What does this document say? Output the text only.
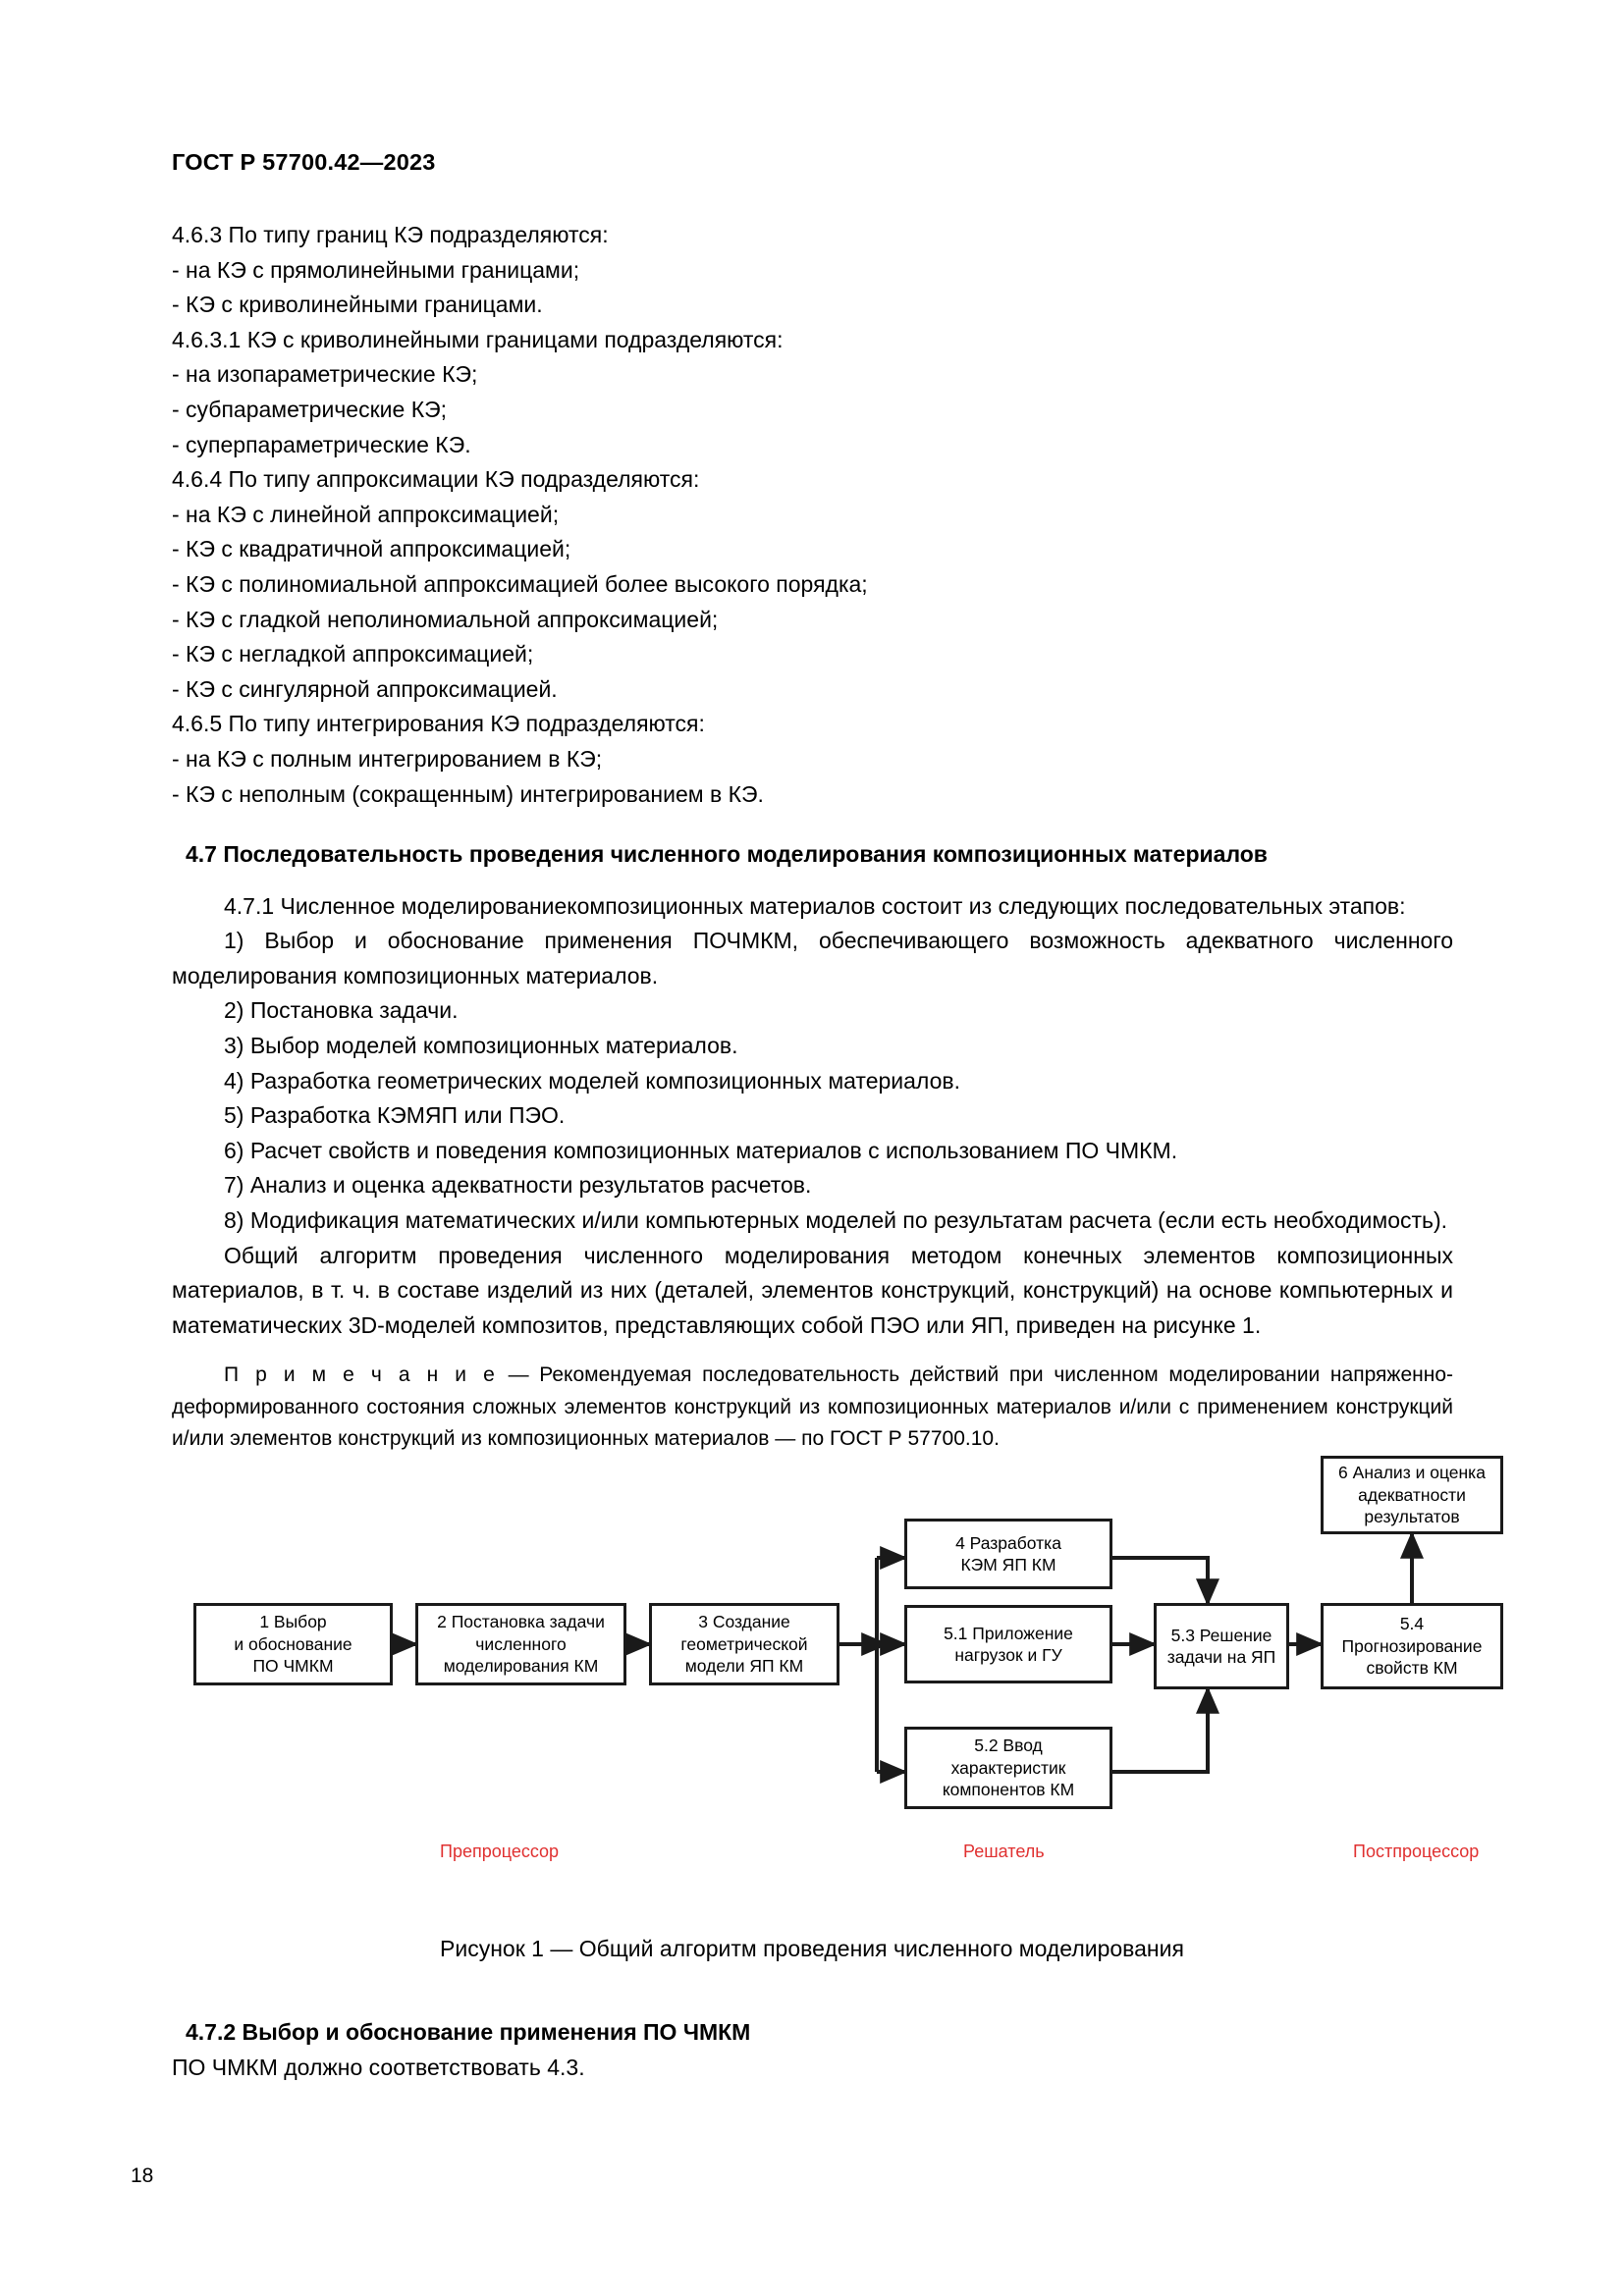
ГОСТ Р 57700.42—2023
4.6.3 По типу границ КЭ подразделяются:
- на КЭ с прямолинейными границами;
- КЭ с криволинейными границами.
4.6.3.1 КЭ с криволинейными границами подразделяются:
- на изопараметрические КЭ;
- субпараметрические КЭ;
- суперпараметрические КЭ.
4.6.4 По типу аппроксимации КЭ подразделяются:
- на КЭ с линейной аппроксимацией;
- КЭ с квадратичной аппроксимацией;
- КЭ с полиномиальной аппроксимацией более высокого порядка;
- КЭ с гладкой неполиномиальной аппроксимацией;
- КЭ с негладкой аппроксимацией;
- КЭ с сингулярной аппроксимацией.
4.6.5 По типу интегрирования КЭ подразделяются:
- на КЭ с полным интегрированием в КЭ;
- КЭ с неполным (сокращенным) интегрированием в КЭ.

4.7 Последовательность проведения численного моделирования композиционных материалов

4.7.1 Численное моделированиекомпозиционных материалов состоит из следующих последовательных этапов:

1) Выбор и обоснование применения ПОЧМКМ, обеспечивающего возможность адекватного численного моделирования композиционных материалов.

2) Постановка задачи.

3) Выбор моделей композиционных материалов.

4) Разработка геометрических моделей композиционных материалов.

5) Разработка КЭМЯП или ПЭО.

6) Расчет свойств и поведения композиционных материалов с использованием ПО ЧМКМ.

7) Анализ и оценка адекватности результатов расчетов.

8) Модификация математических и/или компьютерных моделей по результатам расчета (если есть необходимость).

Общий алгоритм проведения численного моделирования методом конечных элементов композиционных материалов, в т. ч. в составе изделий из них (деталей, элементов конструкций, конструкций) на основе компьютерных и математических 3D-моделей композитов, представляющих собой ПЭО или ЯП, приведен на рисунке 1.

П р и м е ч а н и е — Рекомендуемая последовательность действий при численном моделировании напряженно-деформированного состояния сложных элементов конструкций из композиционных материалов и/или с применением конструкций и/или элементов конструкций из композиционных материалов — по ГОСТ Р 57700.10.

1 Выбор
и обоснование
ПО ЧМКМ
2 Постановка задачи
численного
моделирования КМ
3 Создание
геометрической
модели ЯП КМ
4 Разработка
КЭМ ЯП КМ
5.1 Приложение
нагрузок и ГУ
5.2 Ввод
характеристик
компонентов КМ
5.3 Решение
задачи на ЯП
5.4 Прогнозирование
свойств КМ
6 Анализ и оценка
адекватности
результатов
Препроцессор	Решатель	Постпроцессор
Рисунок 1 — Общий алгоритм проведения численного моделирования

4.7.2 Выбор и обоснование применения ПО ЧМКМ

ПО ЧМКМ должно соответствовать 4.3.

18
